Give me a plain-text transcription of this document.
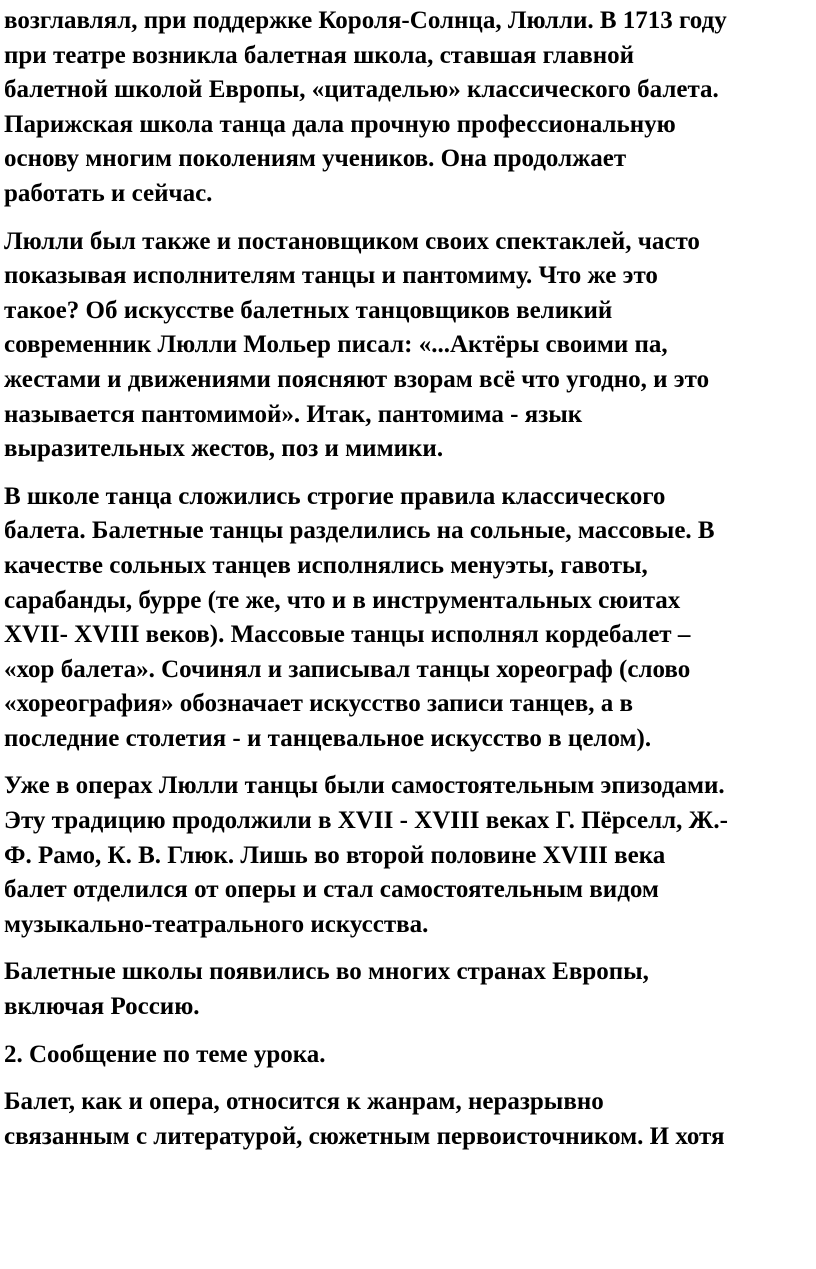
возглавлял, при поддержке Короля-Солнца, Люлли. В 1713 году
при театре возникла балетная школа, ставшая главной
балетной школой Европы, «цитаделью» классического балета.
Парижская школа танца дала прочную профессиональную
основу многим поколениям учеников. Она продолжает
работать и сейчас.
Люлли был также и постановщиком своих спектаклей, часто
показывая исполнителям танцы и пантомиму. Что же это
такое? Об искусстве балетных танцовщиков великий
современник Люлли Мольер писал: «...Актёры своими па,
жестами и движениями поясняют взорам всё что угодно, и это
называется пантомимой». Итак, пантомима - язык
выразительных жестов, поз и мимики.
В школе танца сложились строгие правила классического
балета. Балетные танцы разделились на сольные, массовые. В
качестве сольных танцев исполнялись менуэты, гавоты,
сарабанды, бурре (те же, что и в инструментальных сюитах
XVII- XVIII веков). Массовые танцы исполнял кордебалет –
«хор балета». Сочинял и записывал танцы хореограф (слово
«хореография» обозначает искусство записи танцев, а в
последние столетия - и танцевальное искусство в целом).
Уже в операх Люлли танцы были самостоятельным эпизодами.
Эту традицию продолжили в XVII - XVIII веках Г. Пёрселл, Ж.-
Ф. Рамо, К. В. Глюк. Лишь во второй половине XVIII века
балет отделился от оперы и стал самостоятельным видом
музыкально-театрального искусства.
Балетные школы появились во многих странах Европы,
включая Россию.
2. Сообщение по теме урока.
Балет, как и опера, относится к жанрам, неразрывно
связанным с литературой, сюжетным первоисточником. И хотя
